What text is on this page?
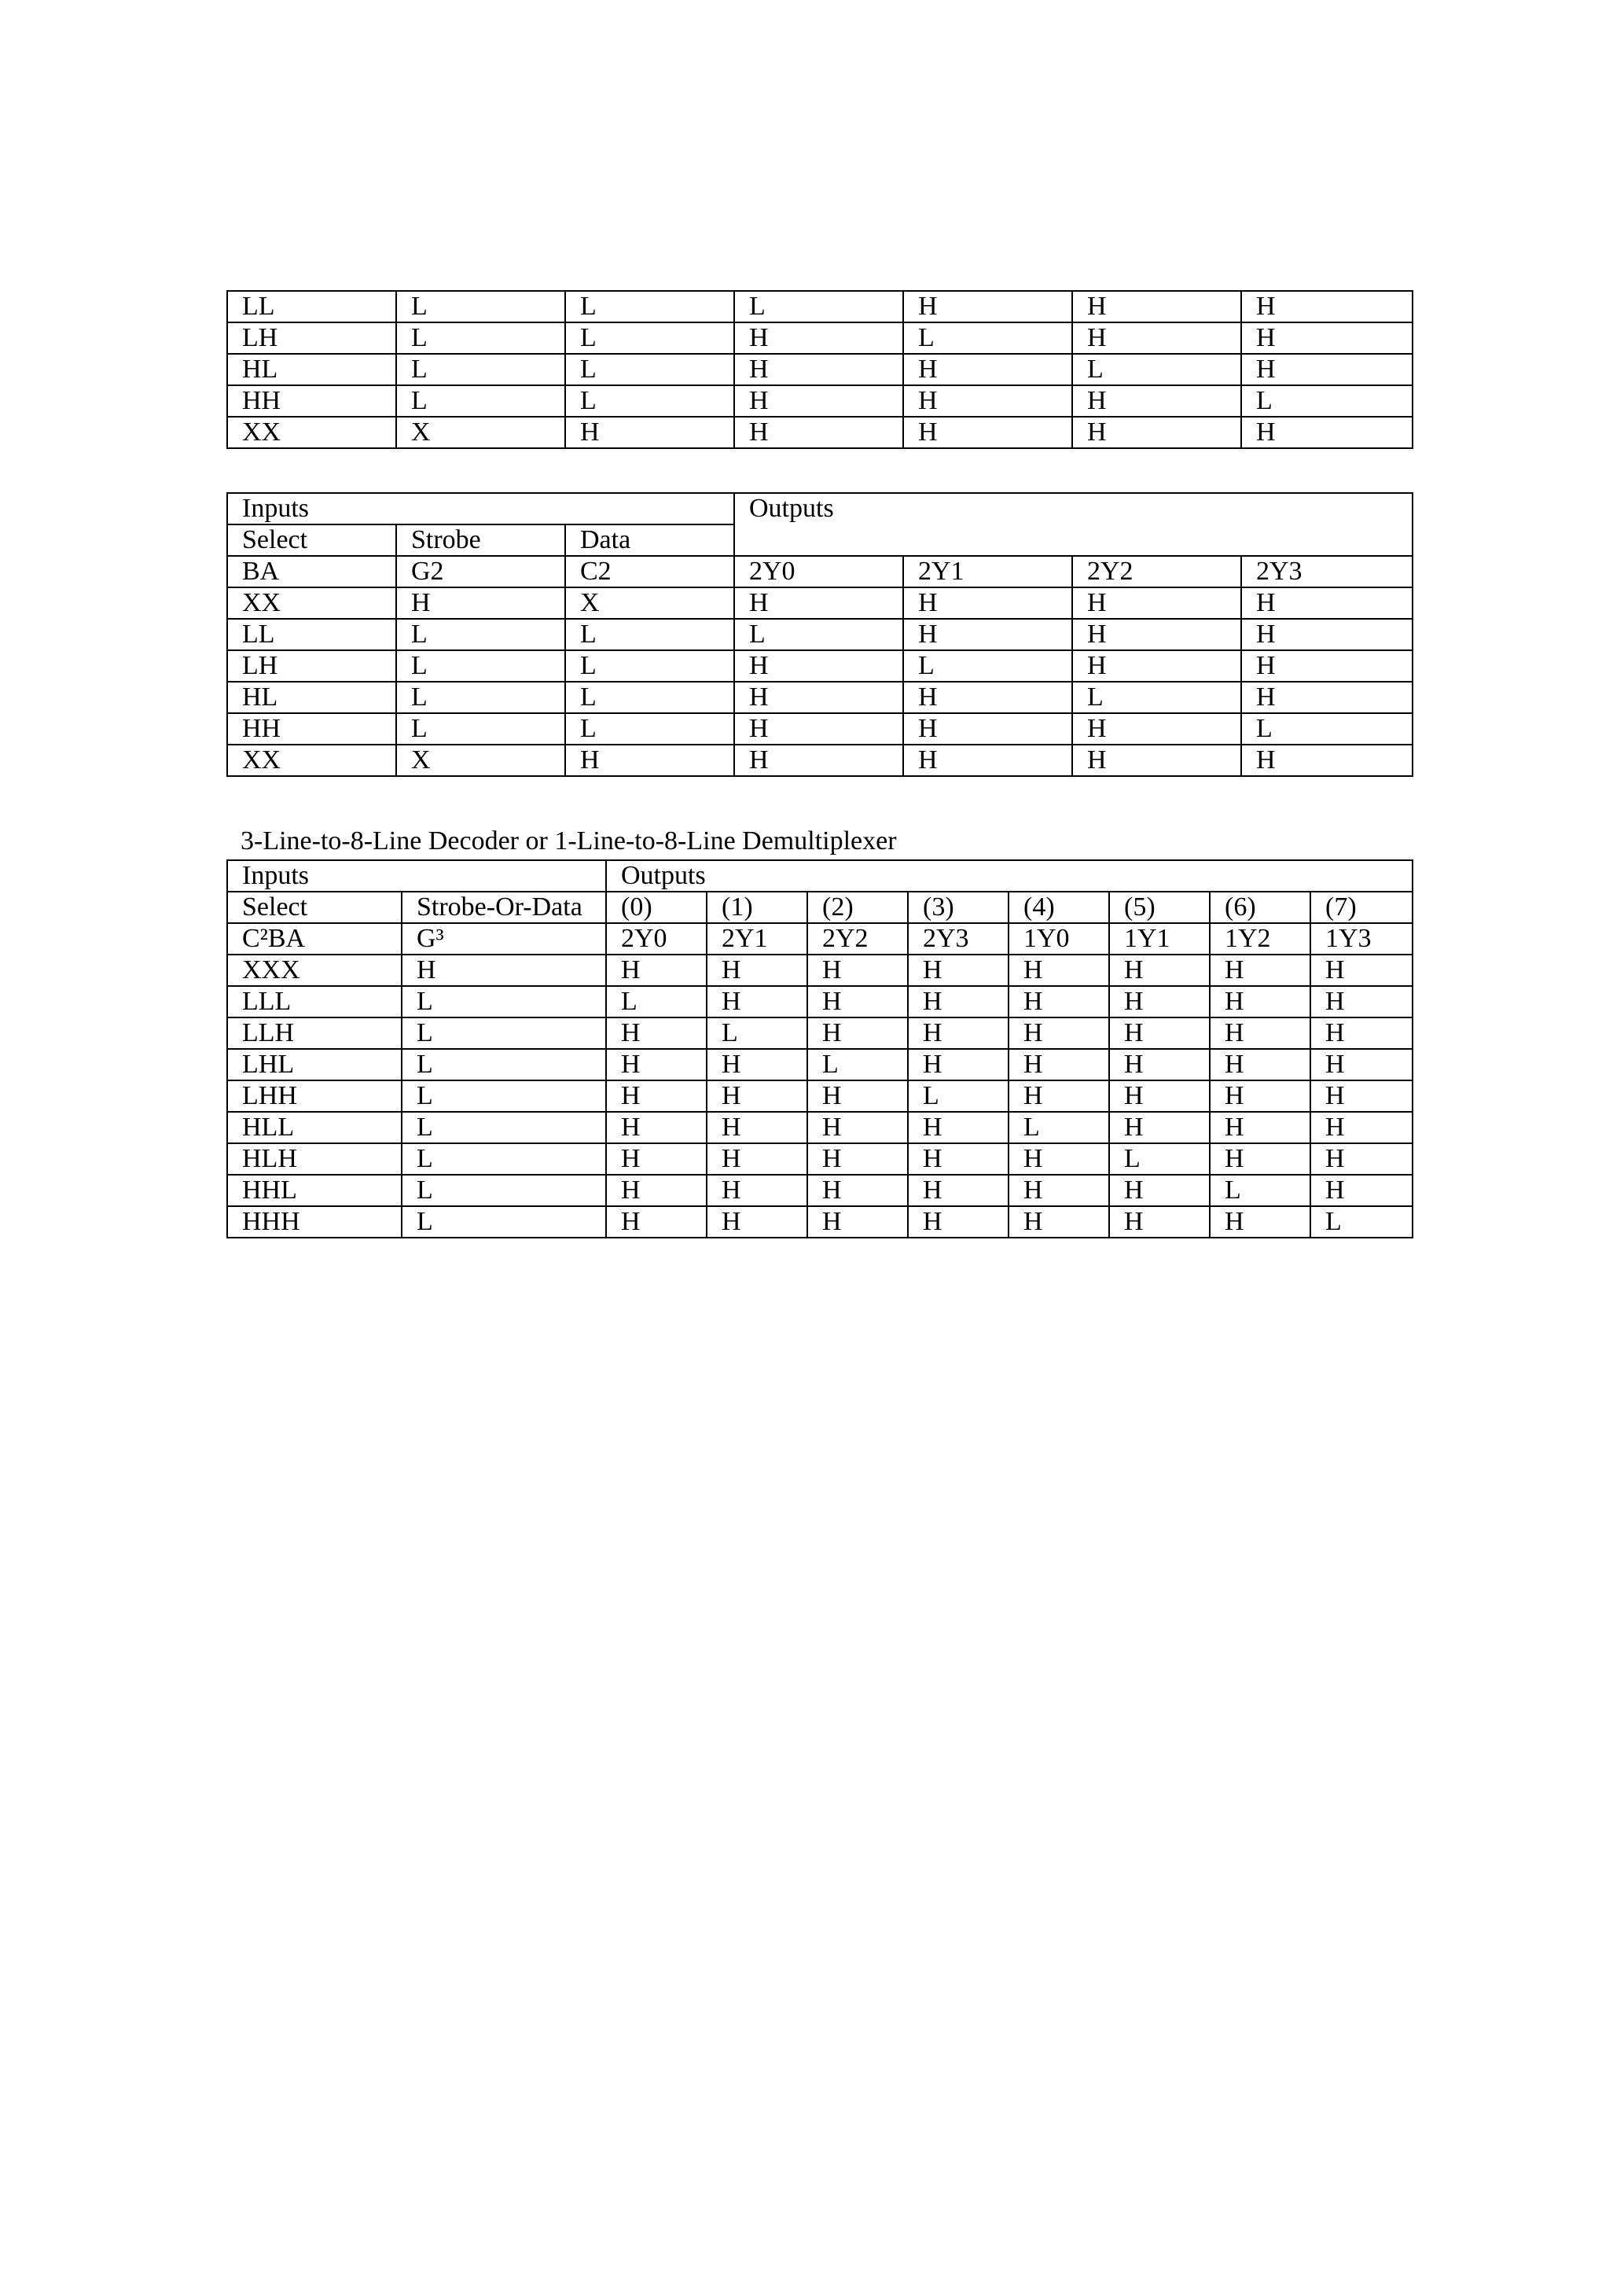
LL	L	L	L	H	H	H
LH	L	L	H	L	H	H
HL	L	L	H	H	L	H
HH	L	L	H	H	H	L
XX	X	H	H	H	H	H
Inputs			Outputs			
Select	Strobe	Data				
BA	G2	C2	2Y0	2Y1	2Y2	2Y3
XX	H	X	H	H	H	H
LL	L	L	L	H	H	H
LH	L	L	H	L	H	H
HL	L	L	H	H	L	H
HH	L	L	H	H	H	L
XX	X	H	H	H	H	H
3-Line-to-8-Line Decoder or 1-Line-to-8-Line Demultiplexer
Inputs		Outputs							
Select	Strobe-Or-Data	(0)	(1)	(2)	(3)	(4)	(5)	(6)	(7)
C²BA	G³	2Y0	2Y1	2Y2	2Y3	1Y0	1Y1	1Y2	1Y3
XXX	H	H	H	H	H	H	H	H	H
LLL	L	L	H	H	H	H	H	H	H
LLH	L	H	L	H	H	H	H	H	H
LHL	L	H	H	L	H	H	H	H	H
LHH	L	H	H	H	L	H	H	H	H
HLL	L	H	H	H	H	L	H	H	H
HLH	L	H	H	H	H	H	L	H	H
HHL	L	H	H	H	H	H	H	L	H
HHH	L	H	H	H	H	H	H	H	L
